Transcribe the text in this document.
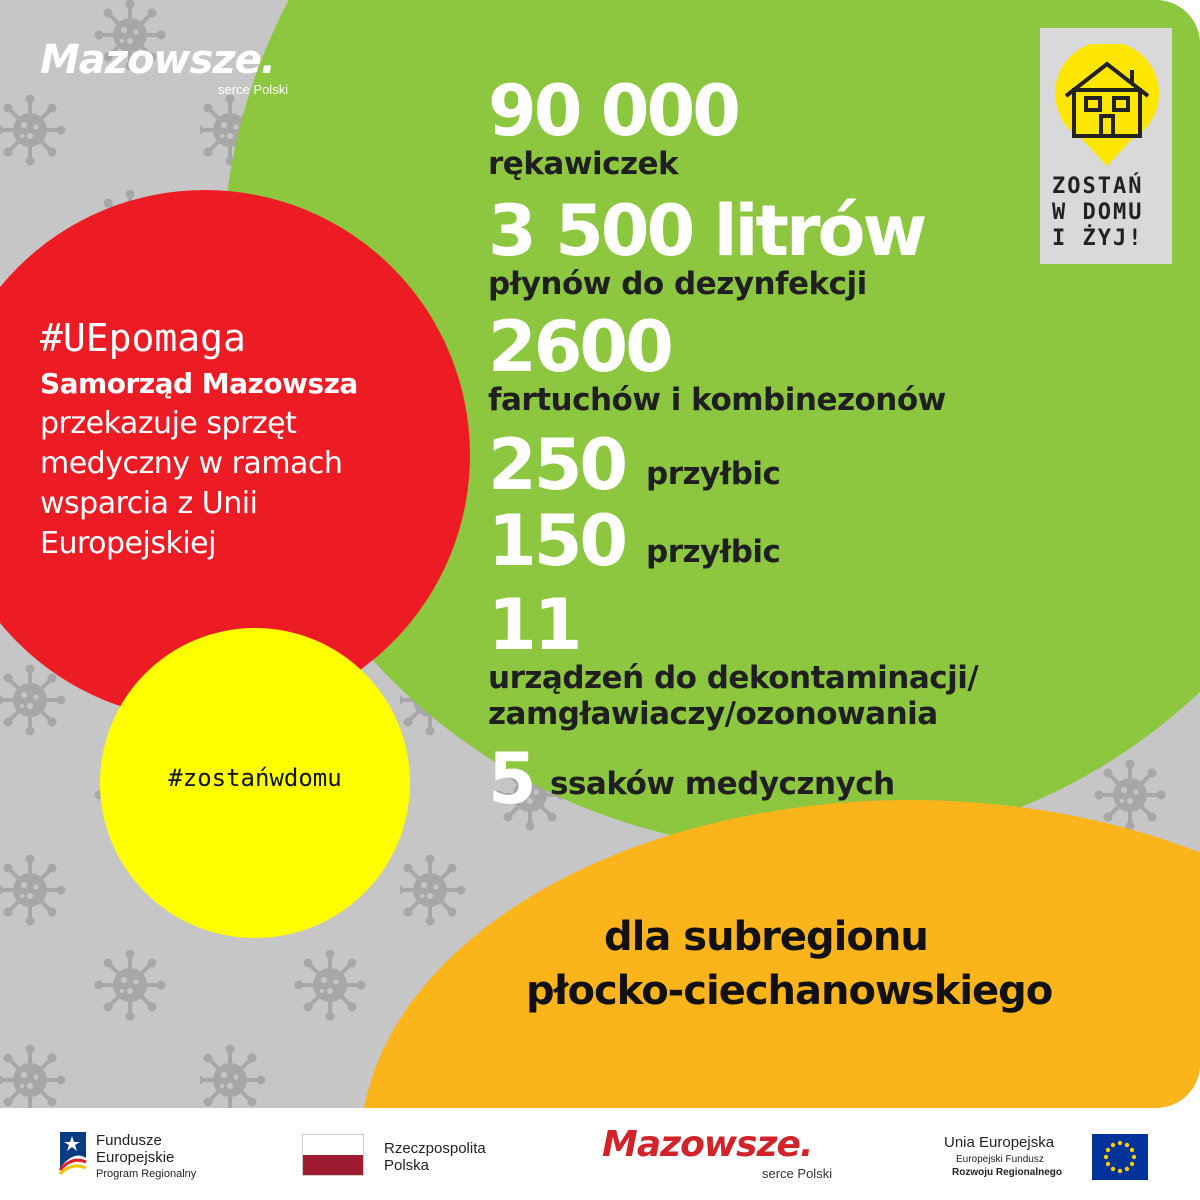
Mazowsze.
serce Polski
ZOSTAŃ
W DOMU
I ŻYJ!
#UEpomaga
Samorząd Mazowsza
przekazuje sprzęt
medyczny w ramach
wsparcia z Unii
Europejskiej
#zostańwdomu
90 000
rękawiczek
3 500 litrów
płynów do dezynfekcji
2600
fartuchów i kombinezonów
250 przyłbic
150 przyłbic
11
urządzeń do dekontaminacji/
zamgławiaczy/ozonowania
5 ssaków medycznych
dla subregionu
płocko-ciechanowskiego
Fundusze
Europejskie
Program Regionalny
Rzeczpospolita
Polska
Mazowsze.
serce Polski
Unia Europejska
Europejski Fundusz
Rozwoju Regionalnego
